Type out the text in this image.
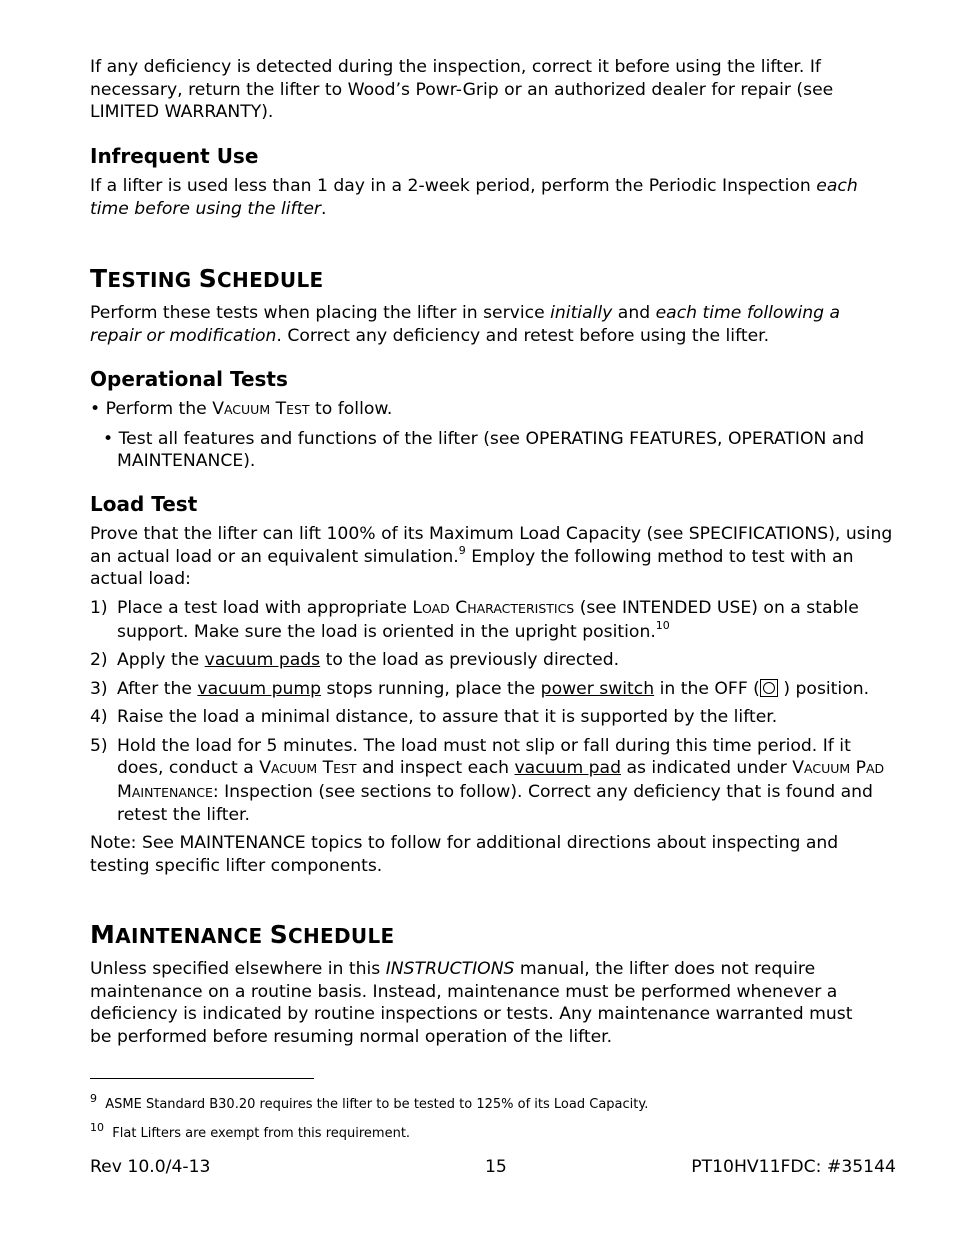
If any deficiency is detected during the inspection, correct it before using the lifter. If necessary, return the lifter to Wood’s Powr-Grip or an authorized dealer for repair (see LIMITED WARRANTY).

Infrequent Use

If a lifter is used less than 1 day in a 2-week period, perform the Periodic Inspection each time before using the lifter.

TESTING SCHEDULE

Perform these tests when placing the lifter in service initially and each time following a repair or modification. Correct any deficiency and retest before using the lifter.

Operational Tests

• Perform the VACUUM TEST to follow.

• Test all features and functions of the lifter (see OPERATING FEATURES, OPERATION and MAINTENANCE).

Load Test

Prove that the lifter can lift 100% of its Maximum Load Capacity (see SPECIFICATIONS), using an actual load or an equivalent simulation.$^9$ Employ the following method to test with an actual load:

1) Place a test load with appropriate LOAD CHARACTERISTICS (see INTENDED USE) on a stable support. Make sure the load is oriented in the upright position.$^{10}$

2) Apply the vacuum pads to the load as previously directed.

3) After the vacuum pump stops running, place the power switch in the OFF ( ) position.

4) Raise the load a minimal distance, to assure that it is supported by the lifter.

5) Hold the load for 5 minutes. The load must not slip or fall during this time period. If it does, conduct a VACUUM TEST and inspect each vacuum pad as indicated under VACUUM PAD MAINTENANCE: Inspection (see sections to follow). Correct any deficiency that is found and retest the lifter.

Note: See MAINTENANCE topics to follow for additional directions about inspecting and testing specific lifter components.

MAINTENANCE SCHEDULE

Unless specified elsewhere in this INSTRUCTIONS manual, the lifter does not require maintenance on a routine basis. Instead, maintenance must be performed whenever a deficiency is indicated by routine inspections or tests. Any maintenance warranted must be performed before resuming normal operation of the lifter.

$^9$ ASME Standard B30.20 requires the lifter to be tested to 125% of its Load Capacity.
$^{10}$ Flat Lifters are exempt from this requirement.
Rev 10.0/4-13	15	PT10HV11FDC: #35144
